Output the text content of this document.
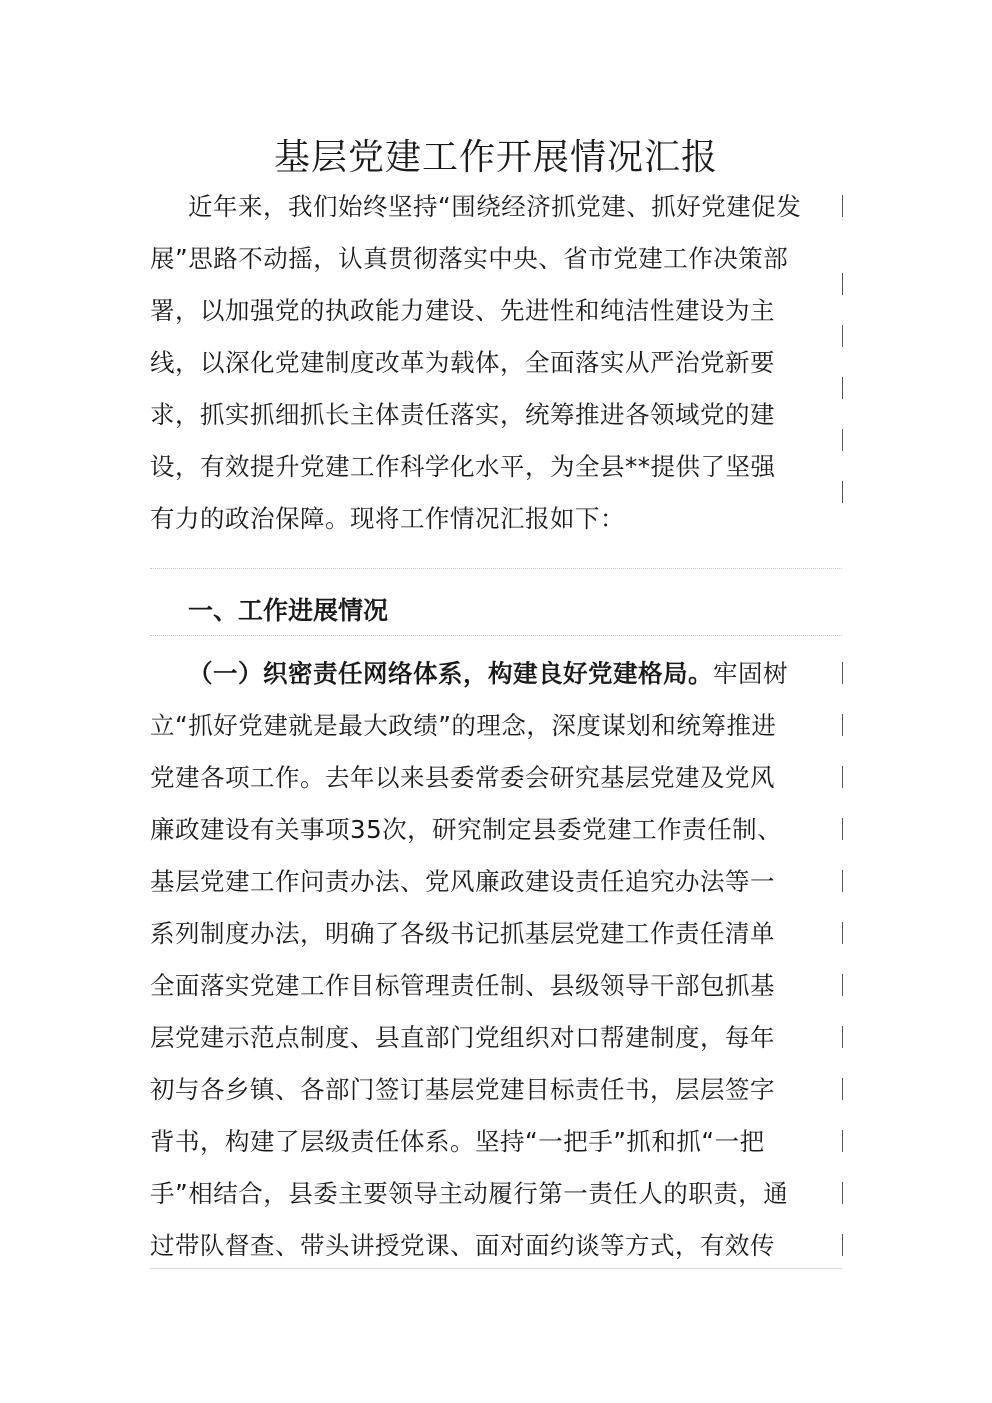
基层党建工作开展情况汇报
近年来，我们始终坚持“围绕经济抓党建、抓好党建促发
展”思路不动摇，认真贯彻落实中央、省市党建工作决策部
署，以加强党的执政能力建设、先进性和纯洁性建设为主
线，以深化党建制度改革为载体，全面落实从严治党新要
求，抓实抓细抓长主体责任落实，统筹推进各领域党的建
设，有效提升党建工作科学化水平，为全县**提供了坚强
有力的政治保障。现将工作情况汇报如下：
一、工作进展情况
（一）织密责任网络体系，构建良好党建格局。牢固树
立“抓好党建就是最大政绩”的理念，深度谋划和统筹推进
党建各项工作。去年以来县委常委会研究基层党建及党风
廉政建设有关事项35次，研究制定县委党建工作责任制、
基层党建工作问责办法、党风廉政建设责任追究办法等一
系列制度办法，明确了各级书记抓基层党建工作责任清单
全面落实党建工作目标管理责任制、县级领导干部包抓基
层党建示范点制度、县直部门党组织对口帮建制度，每年
初与各乡镇、各部门签订基层党建目标责任书，层层签字
背书，构建了层级责任体系。坚持“一把手”抓和抓“一把
手”相结合，县委主要领导主动履行第一责任人的职责，通
过带队督查、带头讲授党课、面对面约谈等方式，有效传
